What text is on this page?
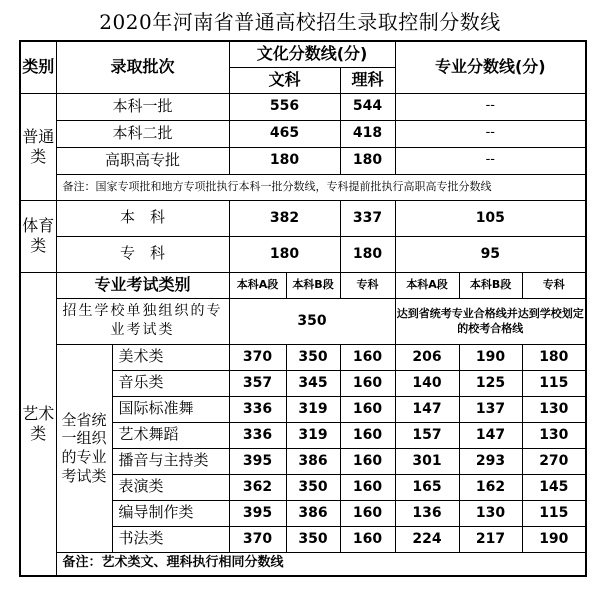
2020年河南省普通高校招生录取控制分数线
类别	录取批次		文化分数线(分)			专业分数线(分)		
			文科		理科			
普通类	本科一批		556		544	--		
	本科二批		465		418	--		
	高职高专批		180		180	--		
	备注：国家专项批和地方专项批执行本科一批分数线，专科提前批执行高职高专批分数线							
体育类	本　科		382		337	105		
	专　科		180		180	95		
艺术类	专业考试类别		本科A段	本科B段	专科	本科A段	本科B段	专科
	招生学校单独组织的专业考试类		350			达到省统考专业合格线并达到学校划定的校考合格线		
	全省统一组织的专业考试类	美术类	370	350	160	206	190	180
		音乐类	357	345	160	140	125	115
		国际标准舞	336	319	160	147	137	130
		艺术舞蹈	336	319	160	157	147	130
		播音与主持类	395	386	160	301	293	270
		表演类	362	350	160	165	162	145
		编导制作类	395	386	160	136	130	115
		书法类	370	350	160	224	217	190
	备注：艺术类文、理科执行相同分数线							
